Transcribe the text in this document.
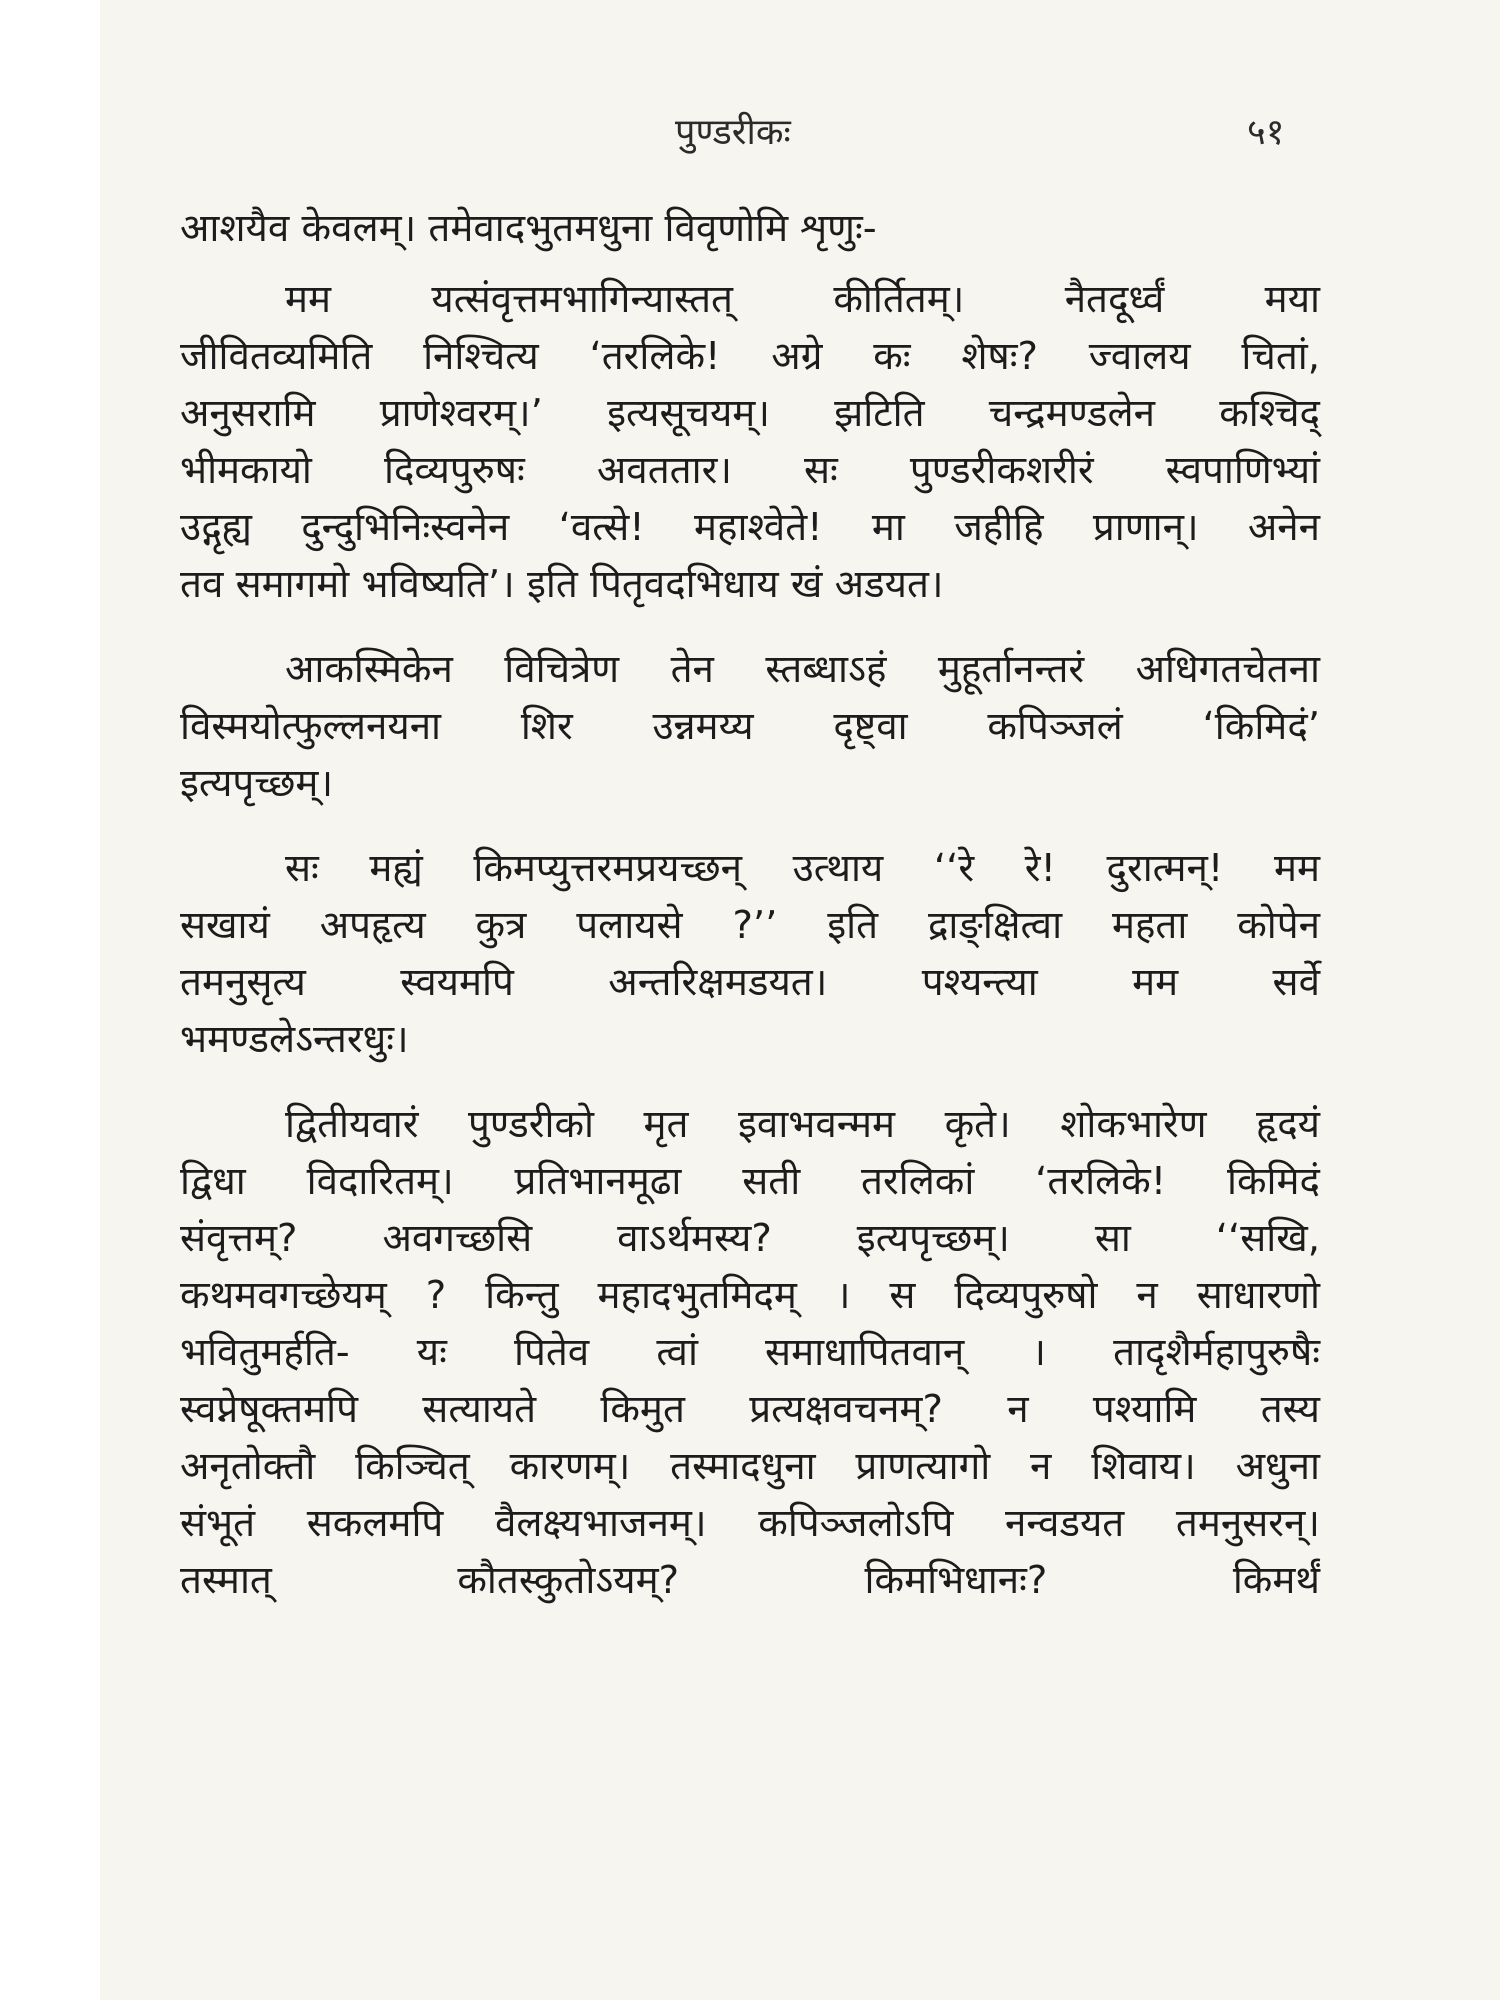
पुण्डरीकः	५१
आशयैव केवलम्। तमेवादभुतमधुना विवृणोमि शृणुः-
मम यत्संवृत्तमभागिन्यास्तत् कीर्तितम्। नैतदूर्ध्वं मया
जीवितव्यमिति निश्चित्य ‘तरलिके! अग्रे कः शेषः? ज्वालय चितां,
अनुसरामि प्राणेश्वरम्।’ इत्यसूचयम्। झटिति चन्द्रमण्डलेन कश्चिद्
भीमकायो दिव्यपुरुषः अवततार। सः पुण्डरीकशरीरं स्वपाणिभ्यां
उद्गृह्य दुन्दुभिनिःस्वनेन ‘वत्से! महाश्वेते! मा जहीहि प्राणान्। अनेन
तव समागमो भविष्यति’। इति पितृवदभिधाय खं अडयत।
आकस्मिकेन विचित्रेण तेन स्तब्धाऽहं मुहूर्तानन्तरं अधिगतचेतना
विस्मयोत्फुल्लनयना शिर उन्नमय्य दृष्ट्वा कपिञ्जलं ‘किमिदं’
इत्यपृच्छम्।
सः मह्यं किमप्युत्तरमप्रयच्छन् उत्थाय ‘‘रे रे! दुरात्मन्! मम
सखायं अपहृत्य कुत्र पलायसे ?’’ इति द्राङ्क्षित्वा महता कोपेन
तमनुसृत्य स्वयमपि अन्तरिक्षमडयत। पश्यन्त्या मम सर्वे
भमण्डलेऽन्तरधुः।
द्वितीयवारं पुण्डरीको मृत इवाभवन्मम कृते। शोकभारेण हृदयं
द्विधा विदारितम्। प्रतिभानमूढा सती तरलिकां ‘तरलिके! किमिदं
संवृत्तम्? अवगच्छसि वाऽर्थमस्य? इत्यपृच्छम्। सा ‘‘सखि,
कथमवगच्छेयम् ? किन्तु महादभुतमिदम् । स दिव्यपुरुषो न साधारणो
भवितुमर्हति- यः पितेव त्वां समाधापितवान् । तादृशैर्महापुरुषैः
स्वप्नेषूक्तमपि सत्यायते किमुत प्रत्यक्षवचनम्? न पश्यामि तस्य
अनृतोक्तौ किञ्चित् कारणम्। तस्मादधुना प्राणत्यागो न शिवाय। अधुना
संभूतं सकलमपि वैलक्ष्यभाजनम्। कपिञ्जलोऽपि नन्वडयत तमनुसरन्।
तस्मात् कौतस्कुतोऽयम्? किमभिधानः? किमर्थं
